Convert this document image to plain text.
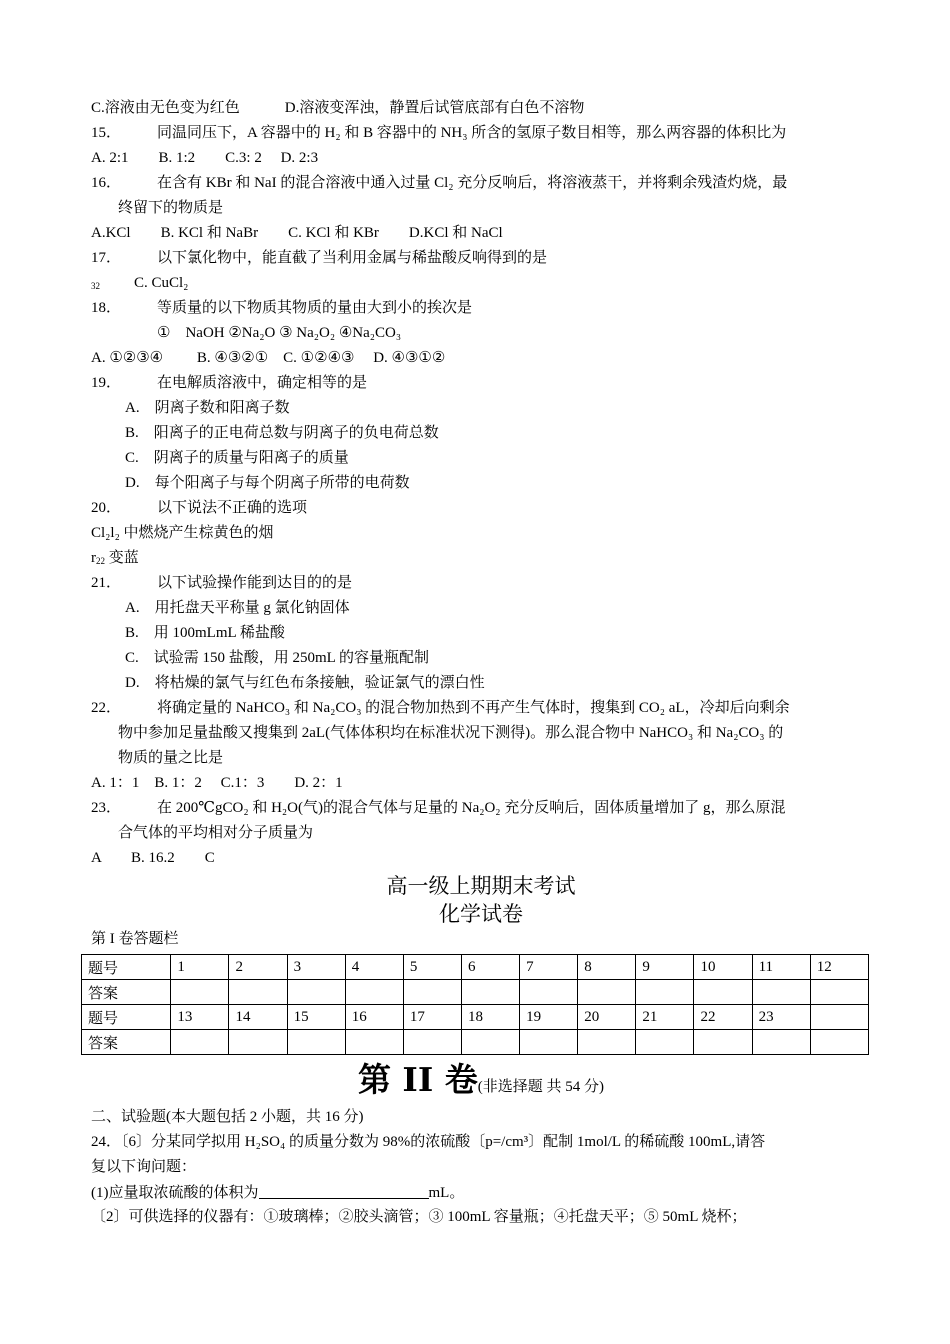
C.溶液由无色变为红色　　　D.溶液变浑浊，静置后试管底部有白色不溶物
15． 同温同压下，A 容器中的 H₂ 和 B 容器中的 NH₃ 所含的氢原子数目相等，那么两容器的体积比为
A. 2:1　　B. 1:2　　C.3: 2　 D. 2:3
16． 在含有 KBr 和 NaI 的混合溶液中通入过量 Cl₂ 充分反响后，将溶液蒸干，并将剩余残渣灼烧，最
终留下的物质是
A.KCl　　B. KCl 和 NaBr　　C. KCl 和 KBr　　D.KCl 和 NaCl
17． 以下氯化物中，能直截了当利用金属与稀盐酸反响得到的是
32 C. CuCl₂
18． 等质量的以下物质其物质的量由大到小的挨次是
①　NaOH ②Na₂O ③ Na₂O₂ ④Na₂CO₃
A. ①②③④　　 B. ④③②①　C. ①②④③　 D. ④③①②
19． 在电解质溶液中，确定相等的是
A.　阴离子数和阳离子数
B.　阳离子的正电荷总数与阴离子的负电荷总数
C.　阴离子的质量与阳离子的质量
D.　每个阳离子与每个阴离子所带的电荷数
20． 以下说法不正确的选项
Cl₂l₂ 中燃烧产生棕黄色的烟
r22 变蓝
21． 以下试验操作能到达目的的是
A.　用托盘天平称量 g 氯化钠固体
B.　用 100mLmL 稀盐酸
C.　试验需 150 盐酸，用 250mL 的容量瓶配制
D.　将枯燥的氯气与红色布条接触，验证氯气的漂白性
22． 将确定量的 NaHCO₃ 和 Na₂CO₃ 的混合物加热到不再产生气体时，搜集到 CO₂ aL，冷却后向剩余
物中参加足量盐酸又搜集到 2aL(气体体积均在标准状况下测得)。那么混合物中 NaHCO₃ 和 Na₂CO₃ 的
物质的量之比是
A. 1：1　B. 1：2　 C.1：3　　D. 2：1
23． 在 200℃gCO₂ 和 H₂O(气)的混合气体与足量的 Na₂O₂ 充分反响后，固体质量增加了 g，那么原混
合气体的平均相对分子质量为
A　　B. 16.2　　C
高一级上期期末考试
化学试卷
第 I 卷答题栏
题号	1	2	3	4	5	6	7	8	9	10	11	12
答案												
题号	13	14	15	16	17	18	19	20	21	22	23	
答案												
第 II 卷(非选择题 共 54 分)
二、试验题(本大题包括 2 小题，共 16 分)
24．〔6〕分某同学拟用 H₂SO₄ 的质量分数为 98%的浓硫酸〔p=/cm³〕配制 1mol/L 的稀硫酸 100mL,请答
复以下询问题：
(1)应量取浓硫酸的体积为	mL。
〔2〕可供选择的仪器有：①玻璃棒；②胶头滴管；③ 100mL 容量瓶；④托盘天平；⑤ 50mL 烧杯；
